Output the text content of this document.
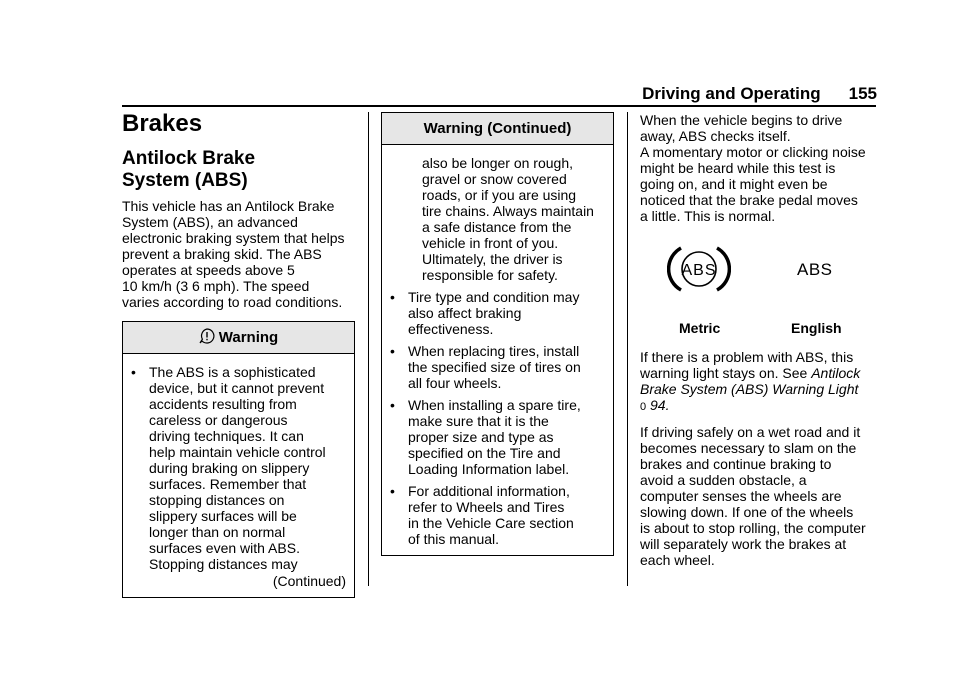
Driving and Operating 155
Brakes
Antilock Brake
System (ABS)

This vehicle has an Antilock Brake
System (ABS), an advanced
electronic braking system that helps
prevent a braking skid. The ABS
operates at speeds above 5
10 km/h (3 6 mph). The speed
varies according to road conditions.

Warning
• The ABS is a sophisticated
device, but it cannot prevent
accidents resulting from
careless or dangerous
driving techniques. It can
help maintain vehicle control
during braking on slippery
surfaces. Remember that
stopping distances on
slippery surfaces will be
longer than on normal
surfaces even with ABS.
Stopping distances may
(Continued)
Warning (Continued)
also be longer on rough,
gravel or snow covered
roads, or if you are using
tire chains. Always maintain
a safe distance from the
vehicle in front of you.
Ultimately, the driver is
responsible for safety.
• Tire type and condition may
also affect braking
effectiveness.
• When replacing tires, install
the specified size of tires on
all four wheels.
• When installing a spare tire,
make sure that it is the
proper size and type as
specified on the Tire and
Loading Information label.
• For additional information,
refer to Wheels and Tires
in the Vehicle Care section
of this manual.

When the vehicle begins to drive
away, ABS checks itself.
A momentary motor or clicking noise
might be heard while this test is
going on, and it might even be
noticed that the brake pedal moves
a little. This is normal.

ABS	ABS
Metric	English

If there is a problem with ABS, this
warning light stays on. See Antilock
Brake System (ABS) Warning Light
0 94.

If driving safely on a wet road and it
becomes necessary to slam on the
brakes and continue braking to
avoid a sudden obstacle, a
computer senses the wheels are
slowing down. If one of the wheels
is about to stop rolling, the computer
will separately work the brakes at
each wheel.
